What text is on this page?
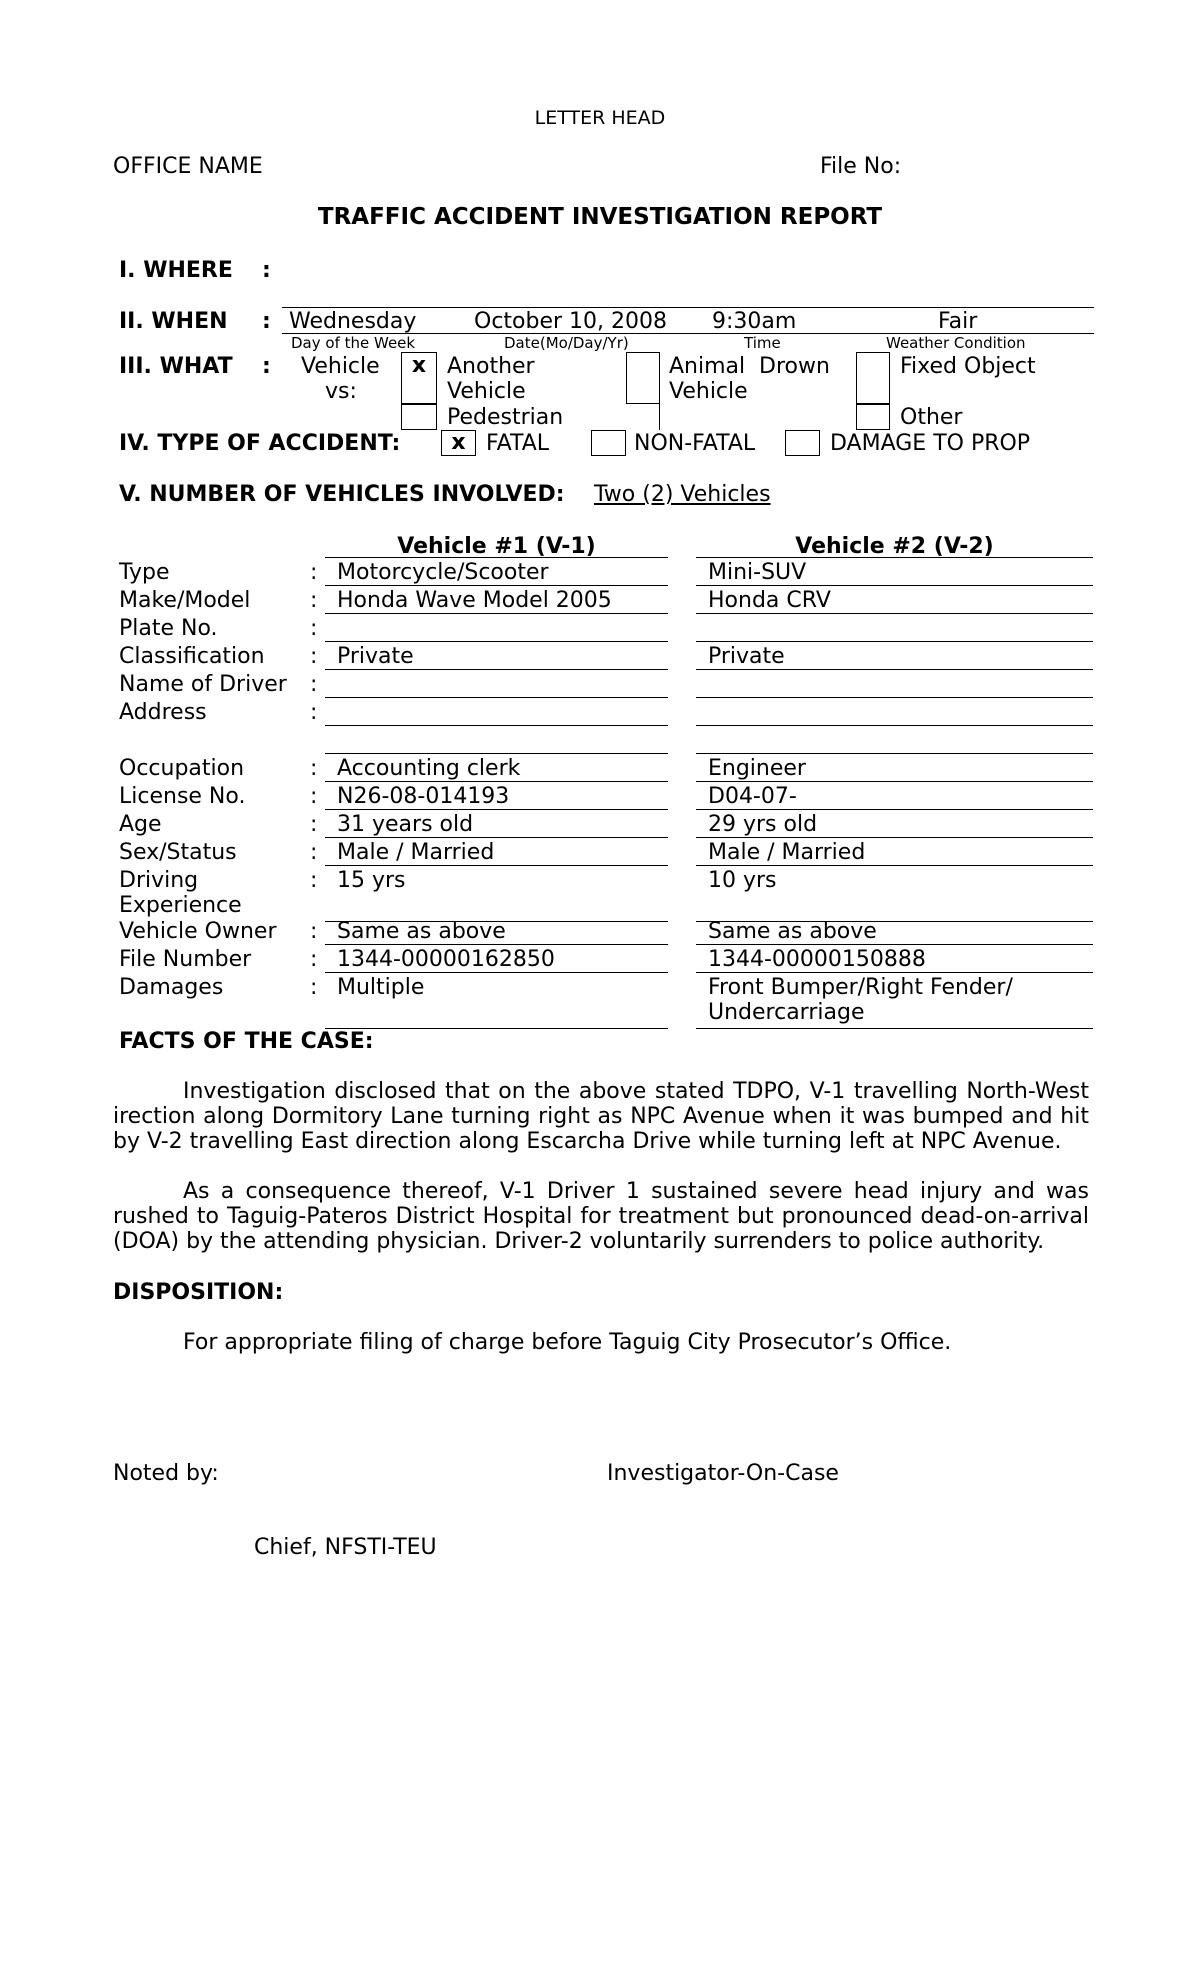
LETTER HEAD
OFFICE NAME	File No:
TRAFFIC ACCIDENT INVESTIGATION REPORT
I. WHERE :
II. WHEN : Wednesday	October 10, 2008 9:30am	Fair
Day of the Week	Date(Mo/Day/Yr)	Time	Weather Condition
III. WHAT : Vehicle
vs:
x Another
Vehicle
Pedestrian
Animal Drown
Vehicle
Fixed Object
Other
IV. TYPE OF ACCIDENT:	x FATAL	NON-FATAL	DAMAGE TO PROP
V. NUMBER OF VEHICLES INVOLVED: Two (2) Vehicles
Vehicle #1 (V-1)	Vehicle #2 (V-2)
Type	: Motorcycle/Scooter	Mini-SUV
Make/Model	: Honda Wave Model 2005	Honda CRV
Plate No.	:
Classification : Private	Private
Name of Driver :
Address	:
Occupation	: Accounting clerk	Engineer
License No.	: N26-08-014193	D04-07-
Age	: 31 years old	29 yrs old
Sex/Status	: Male / Married	Male / Married
Driving
Experience
: 15 yrs	10 yrs
Vehicle Owner : Same as above	Same as above
File Number	: 1344-00000162850	1344-00000150888
Damages	: Multiple	Front Bumper/Right Fender/
Undercarriage
FACTS OF THE CASE:
Investigation disclosed that on the above stated TDPO, V-1 travelling North-West irection along Dormitory Lane turning right as NPC Avenue when it was bumped and hit by V-2 travelling East direction along Escarcha Drive while turning left at NPC Avenue.
As a consequence thereof, V-1 Driver 1 sustained severe head injury and was rushed to Taguig-Pateros District Hospital for treatment but pronounced dead-on-arrival (DOA) by the attending physician. Driver-2 voluntarily surrenders to police authority.
DISPOSITION:
For appropriate filing of charge before Taguig City Prosecutor’s Office.
Noted by:	Investigator-On-Case
Chief, NFSTI-TEU
